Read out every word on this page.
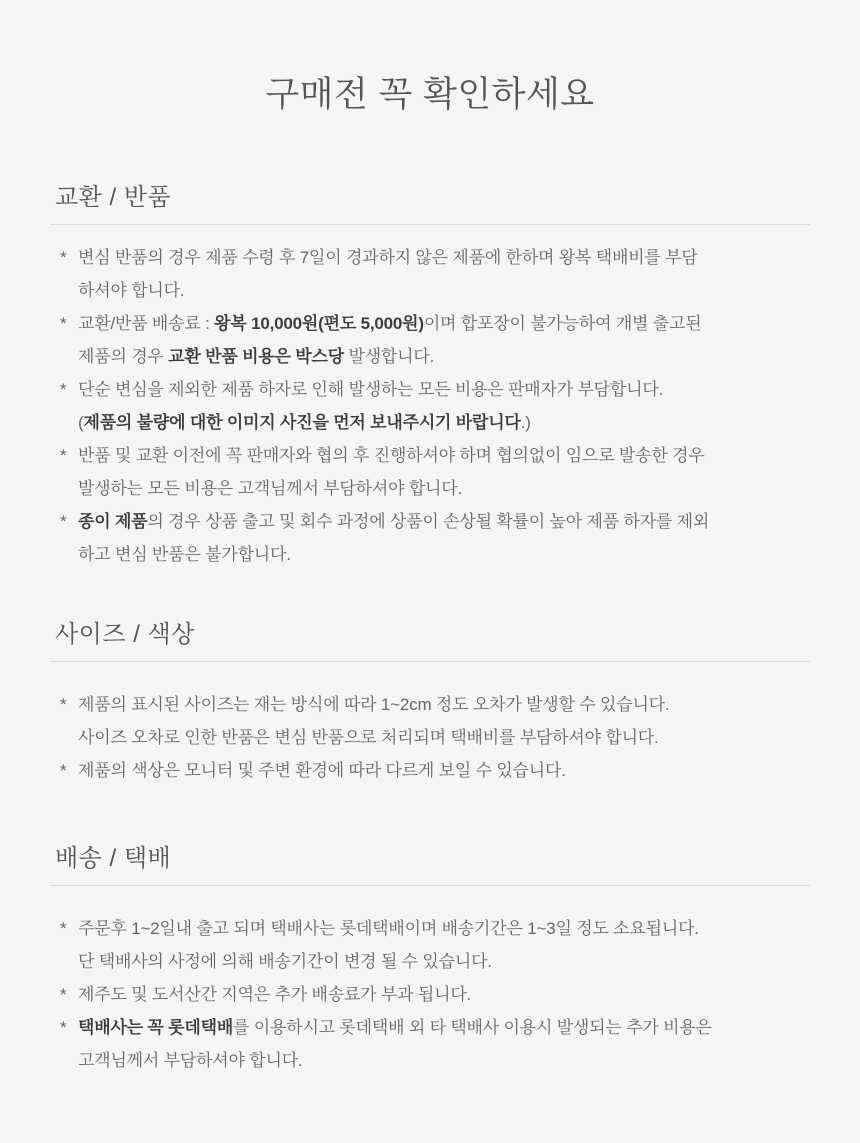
구매전 꼭 확인하세요
교환 / 반품
* 변심 반품의 경우 제품 수령 후 7일이 경과하지 않은 제품에 한하며 왕복 택배비를 부담
하셔야 합니다.
* 교환/반품 배송료 : 왕복 10,000원(편도 5,000원)이며 합포장이 불가능하여 개별 출고된
제품의 경우 교환 반품 비용은 박스당 발생합니다.
* 단순 변심을 제외한 제품 하자로 인해 발생하는 모든 비용은 판매자가 부담합니다.
(제품의 불량에 대한 이미지 사진을 먼저 보내주시기 바랍니다.)
* 반품 및 교환 이전에 꼭 판매자와 협의 후 진행하셔야 하며 협의없이 임으로 발송한 경우
발생하는 모든 비용은 고객님께서 부담하셔야 합니다.
* 종이 제품의 경우 상품 출고 및 회수 과정에 상품이 손상될 확률이 높아 제품 하자를 제외
하고 변심 반품은 불가합니다.
사이즈 / 색상
* 제품의 표시된 사이즈는 재는 방식에 따라 1~2cm 정도 오차가 발생할 수 있습니다.
사이즈 오차로 인한 반품은 변심 반품으로 처리되며 택배비를 부담하셔야 합니다.
* 제품의 색상은 모니터 및 주변 환경에 따라 다르게 보일 수 있습니다.
배송 / 택배
* 주문후 1~2일내 출고 되며 택배사는 롯데택배이며 배송기간은 1~3일 정도 소요됩니다.
단 택배사의 사정에 의해 배송기간이 변경 될 수 있습니다.
* 제주도 및 도서산간 지역은 추가 배송료가 부과 됩니다.
* 택배사는 꼭 롯데택배를 이용하시고 롯데택배 외 타 택배사 이용시 발생되는 추가 비용은
고객님께서 부담하셔야 합니다.
